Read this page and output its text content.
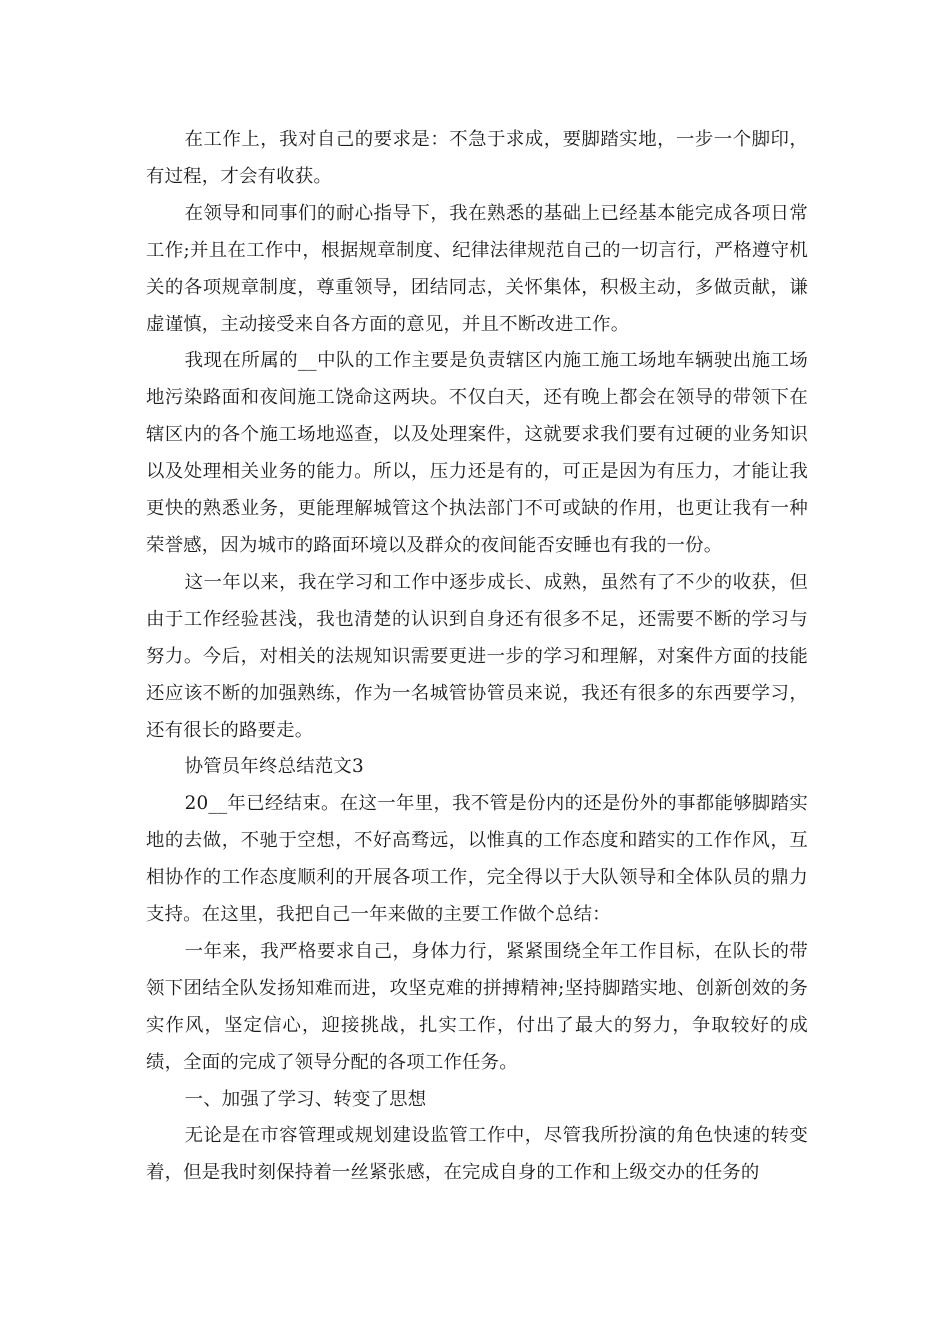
在工作上，我对自己的要求是：不急于求成，要脚踏实地，一步一个脚印，有过程，才会有收获。

在领导和同事们的耐心指导下，我在熟悉的基础上已经基本能完成各项日常工作;并且在工作中，根据规章制度、纪律法律规范自己的一切言行，严格遵守机关的各项规章制度，尊重领导，团结同志，关怀集体，积极主动，多做贡献，谦虚谨慎，主动接受来自各方面的意见，并且不断改进工作。

我现在所属的__中队的工作主要是负责辖区内施工施工场地车辆驶出施工场地污染路面和夜间施工饶命这两块。不仅白天，还有晚上都会在领导的带领下在辖区内的各个施工场地巡查，以及处理案件，这就要求我们要有过硬的业务知识以及处理相关业务的能力。所以，压力还是有的，可正是因为有压力，才能让我更快的熟悉业务，更能理解城管这个执法部门不可或缺的作用，也更让我有一种荣誉感，因为城市的路面环境以及群众的夜间能否安睡也有我的一份。

这一年以来，我在学习和工作中逐步成长、成熟，虽然有了不少的收获，但由于工作经验甚浅，我也清楚的认识到自身还有很多不足，还需要不断的学习与努力。今后，对相关的法规知识需要更进一步的学习和理解，对案件方面的技能还应该不断的加强熟练，作为一名城管协管员来说，我还有很多的东西要学习，还有很长的路要走。

协管员年终总结范文3

20__年已经结束。在这一年里，我不管是份内的还是份外的事都能够脚踏实地的去做，不驰于空想，不好高骛远，以惟真的工作态度和踏实的工作作风，互相协作的工作态度顺利的开展各项工作，完全得以于大队领导和全体队员的鼎力支持。在这里，我把自己一年来做的主要工作做个总结：

一年来，我严格要求自己，身体力行，紧紧围绕全年工作目标，在队长的带领下团结全队发扬知难而进，攻坚克难的拼搏精神;坚持脚踏实地、创新创效的务实作风，坚定信心，迎接挑战，扎实工作，付出了最大的努力，争取较好的成绩，全面的完成了领导分配的各项工作任务。

一、加强了学习、转变了思想

无论是在市容管理或规划建设监管工作中，尽管我所扮演的角色快速的转变着，但是我时刻保持着一丝紧张感，在完成自身的工作和上级交办的任务的
